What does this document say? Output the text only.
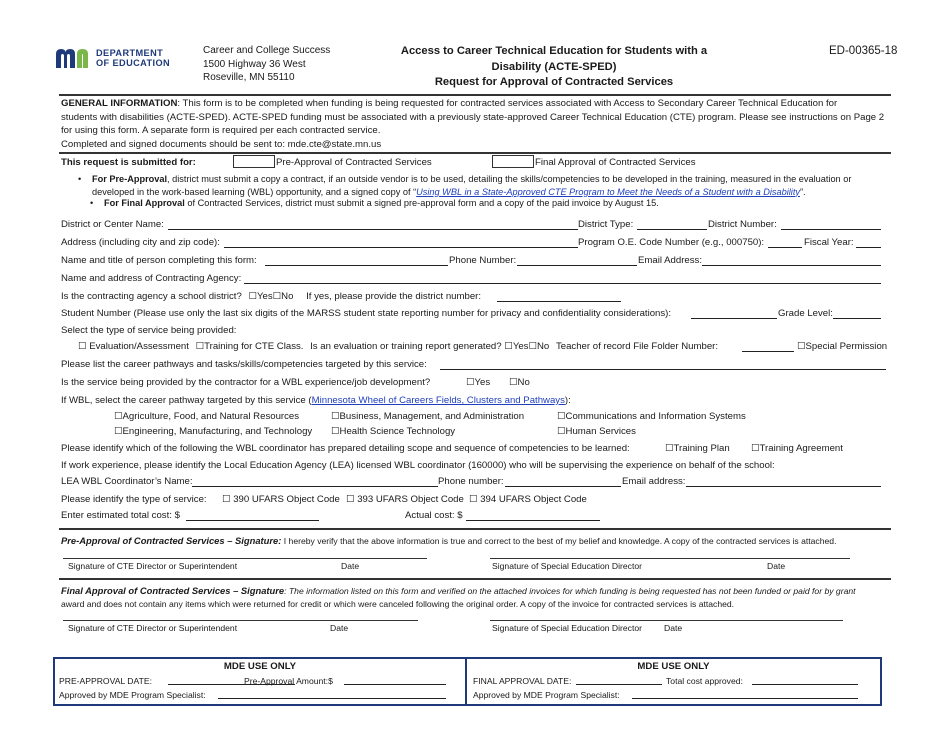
DEPARTMENT
OF EDUCATION
Career and College Success
1500 Highway 36 West
Roseville, MN 55110
Access to Career Technical Education for Students with a
Disability (ACTE-SPED)
Request for Approval of Contracted Services
ED-00365-18
GENERAL INFORMATION: This form is to be completed when funding is being requested for contracted services associated with Access to Secondary Career Technical Education for
students with disabilities (ACTE-SPED). ACTE-SPED funding must be associated with a previously state-approved Career Technical Education (CTE) program. Please see instructions on Page 2
for using this form. A separate form is required per each contracted service.
Completed and signed documents should be sent to: mde.cte@state.mn.us
This request is submitted for:	Pre-Approval of Contracted Services	Final Approval of Contracted Services
• For Pre-Approval, district must submit a copy a contract, if an outside vendor is to be used, detailing the skills/competencies to be developed in the training, measured in the evaluation or
developed in the work-based learning (WBL) opportunity, and a signed copy of “Using WBL in a State-Approved CTE Program to Meet the Needs of a Student with a Disability”.
• For Final Approval of Contracted Services, district must submit a signed pre-approval form and a copy of the paid invoice by August 15.
District or Center Name:	District Type:	District Number:
Address (including city and zip code):	Program O.E. Code Number (e.g., 000750):	Fiscal Year:
Name and title of person completing this form:	Phone Number:	Email Address:
Name and address of Contracting Agency:
Is the contracting agency a school district? ☐Yes☐No If yes, please provide the district number:
Student Number (Please use only the last six digits of the MARSS student state reporting number for privacy and confidentiality considerations):	Grade Level:
Select the type of service being provided:
☐ Evaluation/Assessment ☐Training for CTE Class. Is an evaluation or training report generated? ☐Yes☐No Teacher of record File Folder Number:	☐Special Permission
Please list the career pathways and tasks/skills/competencies targeted by this service:
Is the service being provided by the contractor for a WBL experience/job development?	☐Yes ☐No
If WBL, select the career pathway targeted by this service (Minnesota Wheel of Careers Fields, Clusters and Pathways):
☐Agriculture, Food, and Natural Resources	☐Business, Management, and Administration	☐Communications and Information Systems
☐Engineering, Manufacturing, and Technology ☐Health Science Technology	☐Human Services
Please identify which of the following the WBL coordinator has prepared detailing scope and sequence of competencies to be learned:	☐Training Plan ☐Training Agreement
If work experience, please identify the Local Education Agency (LEA) licensed WBL coordinator (160000) who will be supervising the experience on behalf of the school:
LEA WBL Coordinator’s Name:	Phone number:	Email address:
Please identify the type of service: ☐ 390 UFARS Object Code ☐ 393 UFARS Object Code ☐ 394 UFARS Object Code
Enter estimated total cost: $	Actual cost: $
Pre-Approval of Contracted Services – Signature: I hereby verify that the above information is true and correct to the best of my belief and knowledge. A copy of the contracted services is attached.
Signature of CTE Director or Superintendent	Date	Signature of Special Education Director	Date
Final Approval of Contracted Services – Signature: The information listed on this form and verified on the attached invoices for which funding is being requested has not been funded or paid for by grant
award and does not contain any items which were returned for credit or which were canceled following the original order. A copy of the invoice for contracted services is attached.
Signature of CTE Director or Superintendent	Date	Signature of Special Education Director	Date
MDE USE ONLY
PRE-APPROVAL DATE:	Pre-Approval Amount:$
Approved by MDE Program Specialist:
MDE USE ONLY
FINAL APPROVAL DATE:	Total cost approved:
Approved by MDE Program Specialist:
